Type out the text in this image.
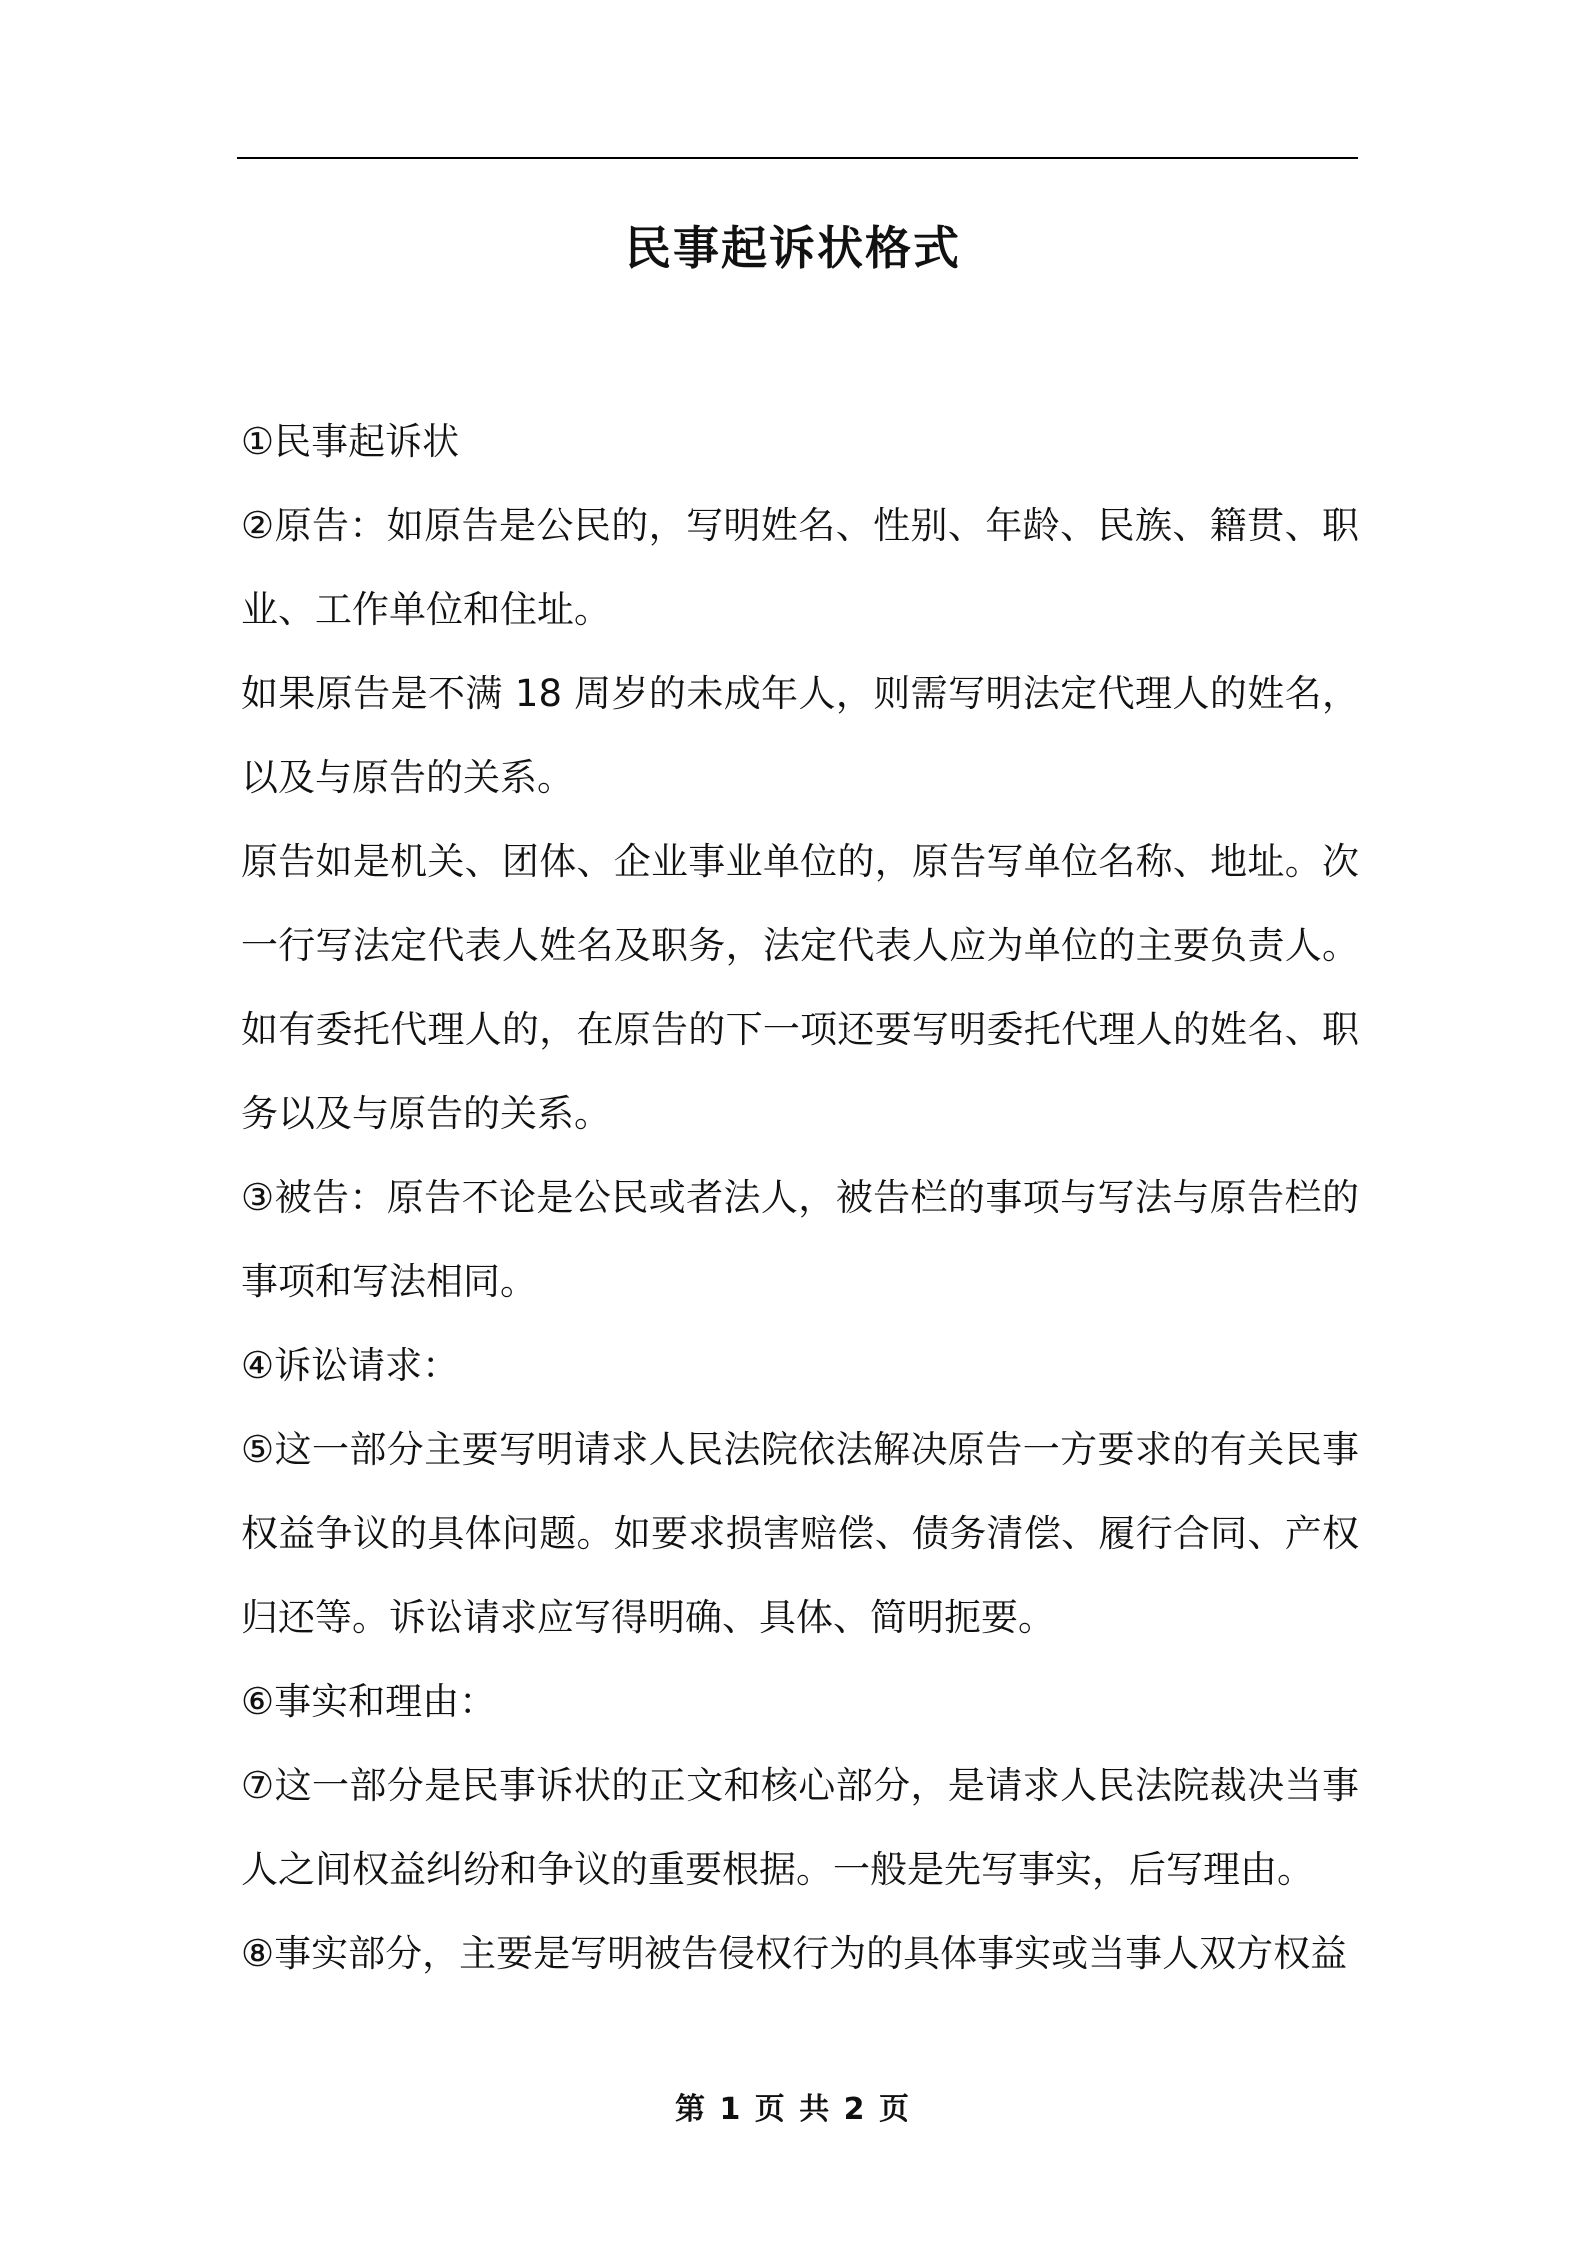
民事起诉状格式

①民事起诉状

②原告：如原告是公民的，写明姓名、性别、年龄、民族、籍贯、职业、工作单位和住址。

如果原告是不满 18 周岁的未成年人，则需写明法定代理人的姓名，以及与原告的关系。

原告如是机关、团体、企业事业单位的，原告写单位名称、地址。次一行写法定代表人姓名及职务，法定代表人应为单位的主要负责人。如有委托代理人的，在原告的下一项还要写明委托代理人的姓名、职务以及与原告的关系。

③被告：原告不论是公民或者法人，被告栏的事项与写法与原告栏的事项和写法相同。

④诉讼请求：

⑤这一部分主要写明请求人民法院依法解决原告一方要求的有关民事权益争议的具体问题。如要求损害赔偿、债务清偿、履行合同、产权归还等。诉讼请求应写得明确、具体、简明扼要。

⑥事实和理由：

⑦这一部分是民事诉状的正文和核心部分，是请求人民法院裁决当事人之间权益纠纷和争议的重要根据。一般是先写事实，后写理由。

⑧事实部分，主要是写明被告侵权行为的具体事实或当事人双方权益

第 1 页 共 2 页
